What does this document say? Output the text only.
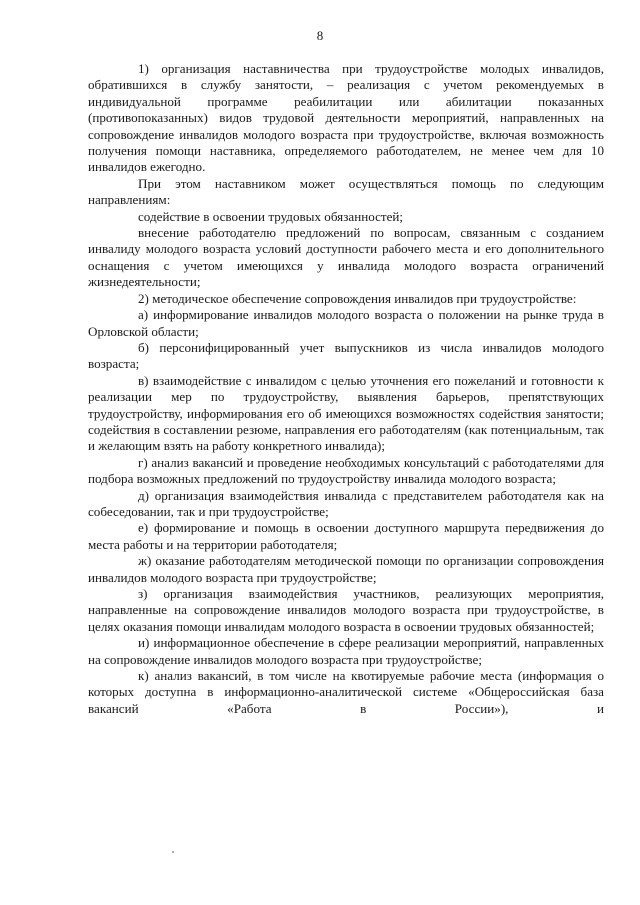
8

1) организация наставничества при трудоустройстве молодых инвалидов, обратившихся в службу занятости, – реализация с учетом рекомендуемых в индивидуальной программе реабилитации или абилитации показанных (противопоказанных) видов трудовой деятельности мероприятий, направленных на сопровождение инвалидов молодого возраста при трудоустройстве, включая возможность получения помощи наставника, определяемого работодателем, не менее чем для 10 инвалидов ежегодно.

При этом наставником может осуществляться помощь по следующим направлениям:

содействие в освоении трудовых обязанностей;

внесение работодателю предложений по вопросам, связанным с созданием инвалиду молодого возраста условий доступности рабочего места и его дополнительного оснащения с учетом имеющихся у инвалида молодого возраста ограничений жизнедеятельности;

2) методическое обеспечение сопровождения инвалидов при трудоустройстве:

а) информирование инвалидов молодого возраста о положении на рынке труда в Орловской области;

б) персонифицированный учет выпускников из числа инвалидов молодого возраста;

в) взаимодействие с инвалидом с целью уточнения его пожеланий и готовности к реализации мер по трудоустройству, выявления барьеров, препятствующих трудоустройству, информирования его об имеющихся возможностях содействия занятости; содействия в составлении резюме, направления его работодателям (как потенциальным, так и желающим взять на работу конкретного инвалида);

г) анализ вакансий и проведение необходимых консультаций с работодателями для подбора возможных предложений по трудоустройству инвалида молодого возраста;

д) организация взаимодействия инвалида с представителем работодателя как на собеседовании, так и при трудоустройстве;

е) формирование и помощь в освоении доступного маршрута передвижения до места работы и на территории работодателя;

ж) оказание работодателям методической помощи по организации сопровождения инвалидов молодого возраста при трудоустройстве;

з) организация взаимодействия участников, реализующих мероприятия, направленные на сопровождение инвалидов молодого возраста при трудоустройстве, в целях оказания помощи инвалидам молодого возраста в освоении трудовых обязанностей;

и) информационное обеспечение в сфере реализации мероприятий, направленных на сопровождение инвалидов молодого возраста при трудоустройстве;

к) анализ вакансий, в том числе на квотируемые рабочие места (информация о которых доступна в информационно-аналитической системе «Общероссийская база вакансий «Работа в России»), и
